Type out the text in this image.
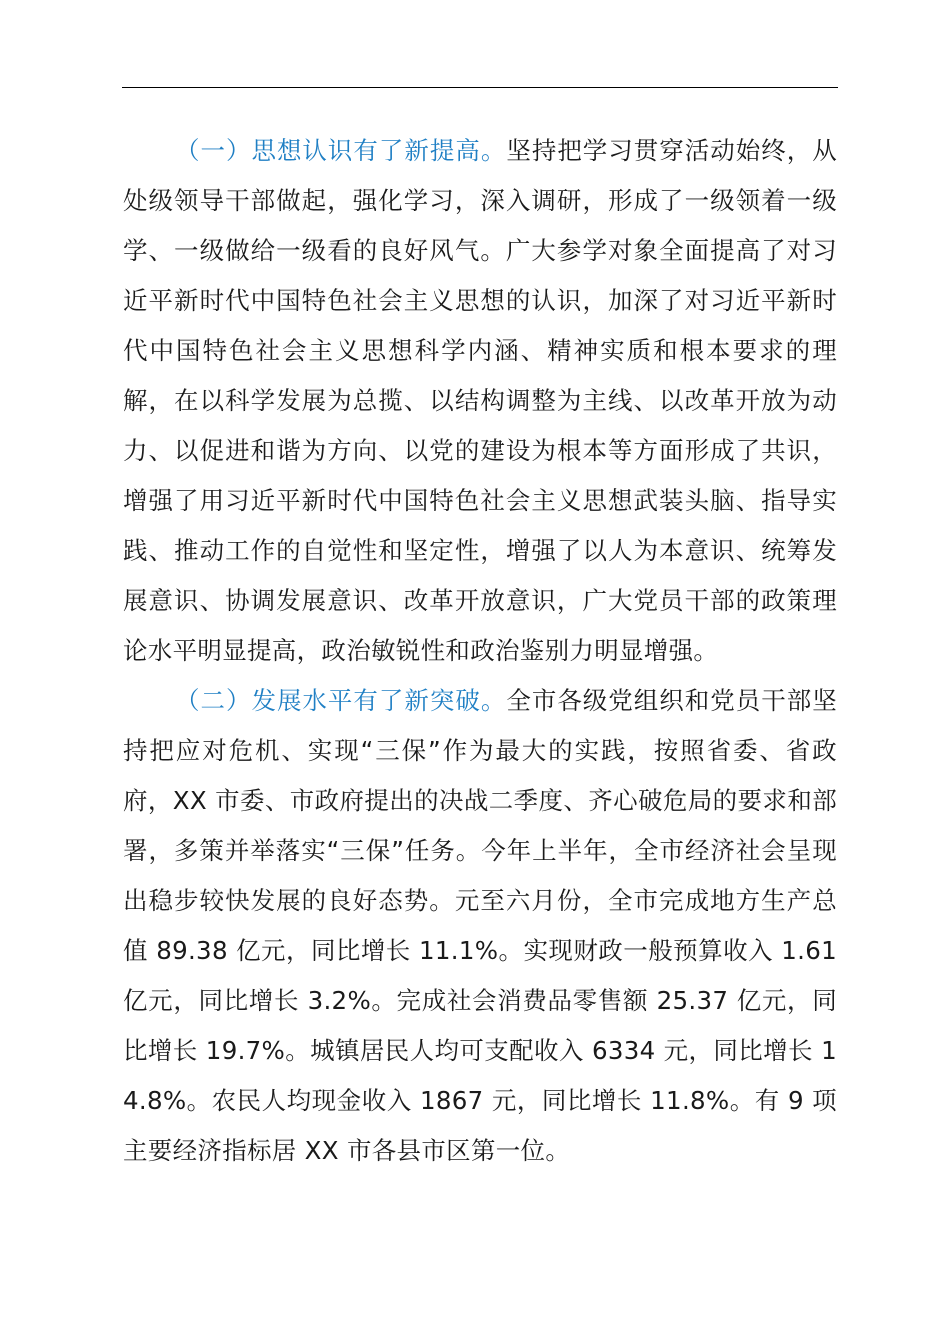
（一）思想认识有了新提高。坚持把学习贯穿活动始终，从处级领导干部做起，强化学习，深入调研，形成了一级领着一级学、一级做给一级看的良好风气。广大参学对象全面提高了对习近平新时代中国特色社会主义思想的认识，加深了对习近平新时代中国特色社会主义思想科学内涵、精神实质和根本要求的理解，在以科学发展为总揽、以结构调整为主线、以改革开放为动力、以促进和谐为方向、以党的建设为根本等方面形成了共识，增强了用习近平新时代中国特色社会主义思想武装头脑、指导实践、推动工作的自觉性和坚定性，增强了以人为本意识、统筹发展意识、协调发展意识、改革开放意识，广大党员干部的政策理论水平明显提高，政治敏锐性和政治鉴别力明显增强。

（二）发展水平有了新突破。全市各级党组织和党员干部坚持把应对危机、实现“三保”作为最大的实践，按照省委、省政府，XX 市委、市政府提出的决战二季度、齐心破危局的要求和部署，多策并举落实“三保”任务。今年上半年，全市经济社会呈现出稳步较快发展的良好态势。元至六月份，全市完成地方生产总值 89.38 亿元，同比增长 11.1%。实现财政一般预算收入 1.61 亿元，同比增长 3.2%。完成社会消费品零售额 25.37 亿元，同比增长 19.7%。城镇居民人均可支配收入 6334 元，同比增长 14.8%。农民人均现金收入 1867 元，同比增长 11.8%。有 9 项主要经济指标居 XX 市各县市区第一位。
